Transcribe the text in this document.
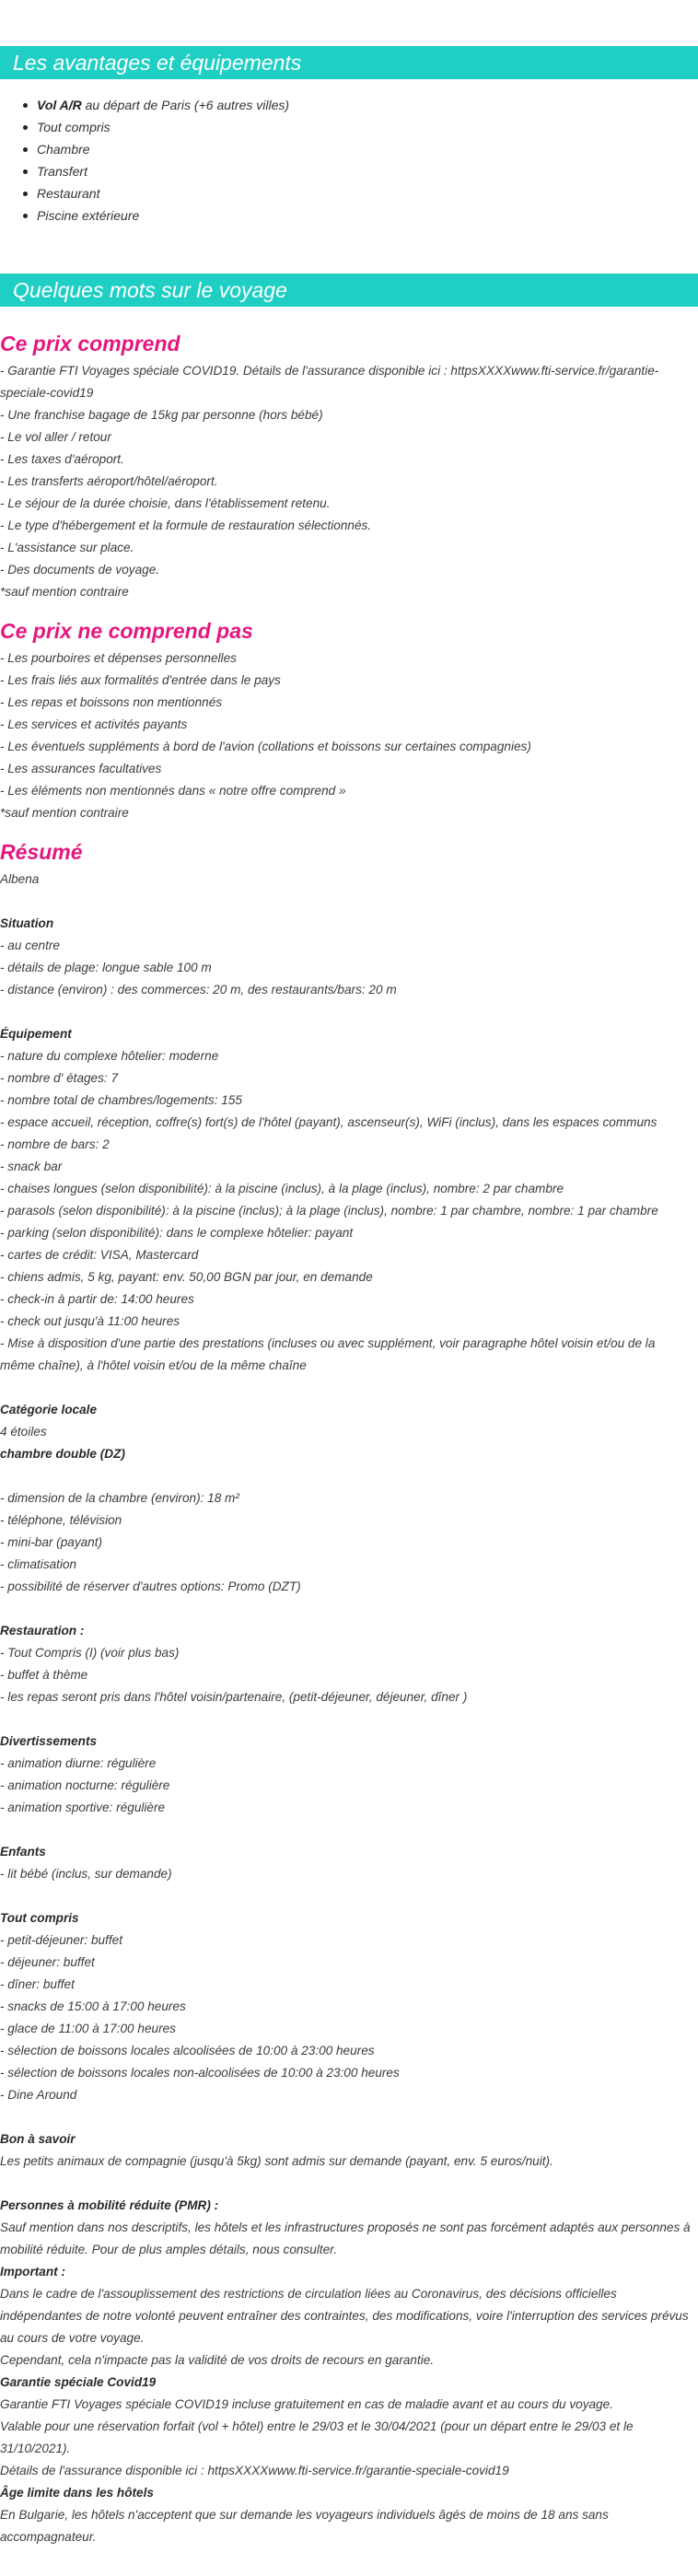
Les avantages et équipements
Vol A/R au départ de Paris (+6 autres villes)
Tout compris
Chambre
Transfert
Restaurant
Piscine extérieure
Quelques mots sur le voyage
Ce prix comprend
- Garantie FTI Voyages spéciale COVID19. Détails de l'assurance disponible ici : httpsXXXXwww.fti-service.fr/garantie-speciale-covid19
- Une franchise bagage de 15kg par personne (hors bébé)
- Le vol aller / retour
- Les taxes d'aéroport.
- Les transferts aéroport/hôtel/aéroport.
- Le séjour de la durée choisie, dans l'établissement retenu.
- Le type d'hébergement et la formule de restauration sélectionnés.
- L'assistance sur place.
- Des documents de voyage.
*sauf mention contraire
Ce prix ne comprend pas
- Les pourboires et dépenses personnelles
- Les frais liés aux formalités d'entrée dans le pays
- Les repas et boissons non mentionnés
- Les services et activités payants
- Les éventuels suppléments à bord de l'avion (collations et boissons sur certaines compagnies)
- Les assurances facultatives
- Les éléments non mentionnés dans « notre offre comprend »
*sauf mention contraire
Résumé
Albena
Situation
- au centre
- détails de plage: longue sable 100 m
- distance (environ) : des commerces: 20 m, des restaurants/bars: 20 m
Équipement
- nature du complexe hôtelier: moderne
- nombre d' étages: 7
- nombre total de chambres/logements: 155
- espace accueil, réception, coffre(s) fort(s) de l'hôtel (payant), ascenseur(s), WiFi (inclus), dans les espaces communs
- nombre de bars: 2
- snack bar
- chaises longues (selon disponibilité): à la piscine (inclus), à la plage (inclus), nombre: 2 par chambre
- parasols (selon disponibilité): à la piscine (inclus); à la plage (inclus), nombre: 1 par chambre, nombre: 1 par chambre
- parking (selon disponibilité): dans le complexe hôtelier: payant
- cartes de crédit: VISA, Mastercard
- chiens admis, 5 kg, payant: env. 50,00 BGN par jour, en demande
- check-in à partir de: 14:00 heures
- check out jusqu'à 11:00 heures
- Mise à disposition d'une partie des prestations (incluses ou avec supplément, voir paragraphe hôtel voisin et/ou de la même chaîne), à l'hôtel voisin et/ou de la même chaîne
Catégorie locale
4 étoiles
chambre double (DZ)
- dimension de la chambre (environ): 18 m²
- téléphone, télévision
- mini-bar (payant)
- climatisation
- possibilité de réserver d'autres options: Promo (DZT)
Restauration :
- Tout Compris (I) (voir plus bas)
- buffet à thème
- les repas seront pris dans l'hôtel voisin/partenaire, (petit-déjeuner, déjeuner, dîner )
Divertissements
- animation diurne: régulière
- animation nocturne: régulière
- animation sportive: régulière
Enfants
- lit bébé (inclus, sur demande)
Tout compris
- petit-déjeuner: buffet
- déjeuner: buffet
- dîner: buffet
- snacks de 15:00 à 17:00 heures
- glace de 11:00 à 17:00 heures
- sélection de boissons locales alcoolisées de 10:00 à 23:00 heures
- sélection de boissons locales non-alcoolisées de 10:00 à 23:00 heures
- Dine Around
Bon à savoir
Les petits animaux de compagnie (jusqu'à 5kg) sont admis sur demande (payant, env. 5 euros/nuit).
Personnes à mobilité réduite (PMR) :
Sauf mention dans nos descriptifs, les hôtels et les infrastructures proposés ne sont pas forcément adaptés aux personnes à mobilité réduite. Pour de plus amples détails, nous consulter.
Important :
Dans le cadre de l'assouplissement des restrictions de circulation liées au Coronavirus, des décisions officielles indépendantes de notre volonté peuvent entraîner des contraintes, des modifications, voire l'interruption des services prévus au cours de votre voyage.
Cependant, cela n'impacte pas la validité de vos droits de recours en garantie.
Garantie spéciale Covid19
Garantie FTI Voyages spéciale COVID19 incluse gratuitement en cas de maladie avant et au cours du voyage.
Valable pour une réservation forfait (vol + hôtel) entre le 29/03 et le 30/04/2021 (pour un départ entre le 29/03 et le 31/10/2021).
Détails de l'assurance disponible ici : httpsXXXXwww.fti-service.fr/garantie-speciale-covid19
Âge limite dans les hôtels
En Bulgarie, les hôtels n'acceptent que sur demande les voyageurs individuels âgés de moins de 18 ans sans accompagnateur.
